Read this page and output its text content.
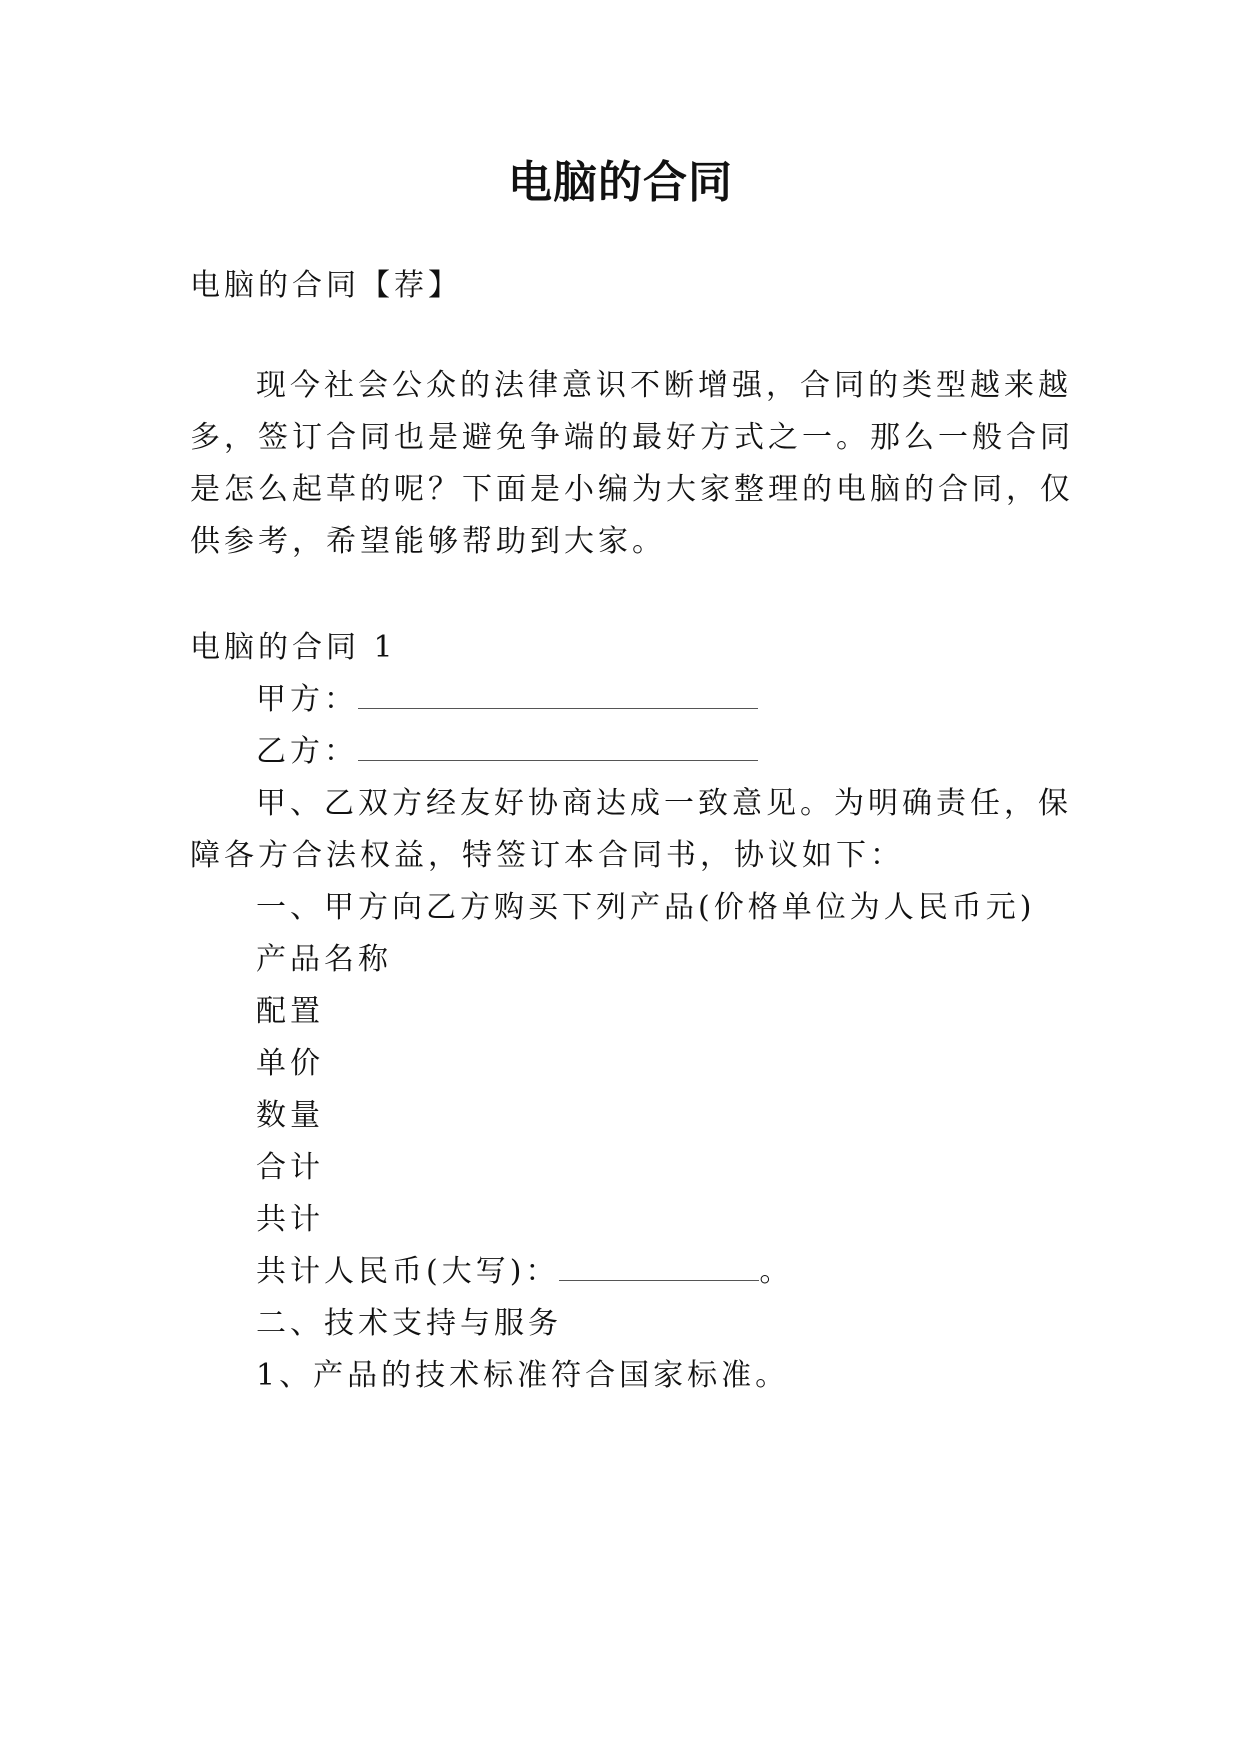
电脑的合同
电脑的合同【荐】
现今社会公众的法律意识不断增强，合同的类型越来越
多，签订合同也是避免争端的最好方式之一。那么一般合同
是怎么起草的呢？下面是小编为大家整理的电脑的合同，仅
供参考，希望能够帮助到大家。
电脑的合同 1
甲方：
乙方：
甲、乙双方经友好协商达成一致意见。为明确责任，保
障各方合法权益，特签订本合同书，协议如下：
一、甲方向乙方购买下列产品(价格单位为人民币元)
产品名称
配置
单价
数量
合计
共计
共计人民币(大写)：	。
二、技术支持与服务
1、产品的技术标准符合国家标准。
